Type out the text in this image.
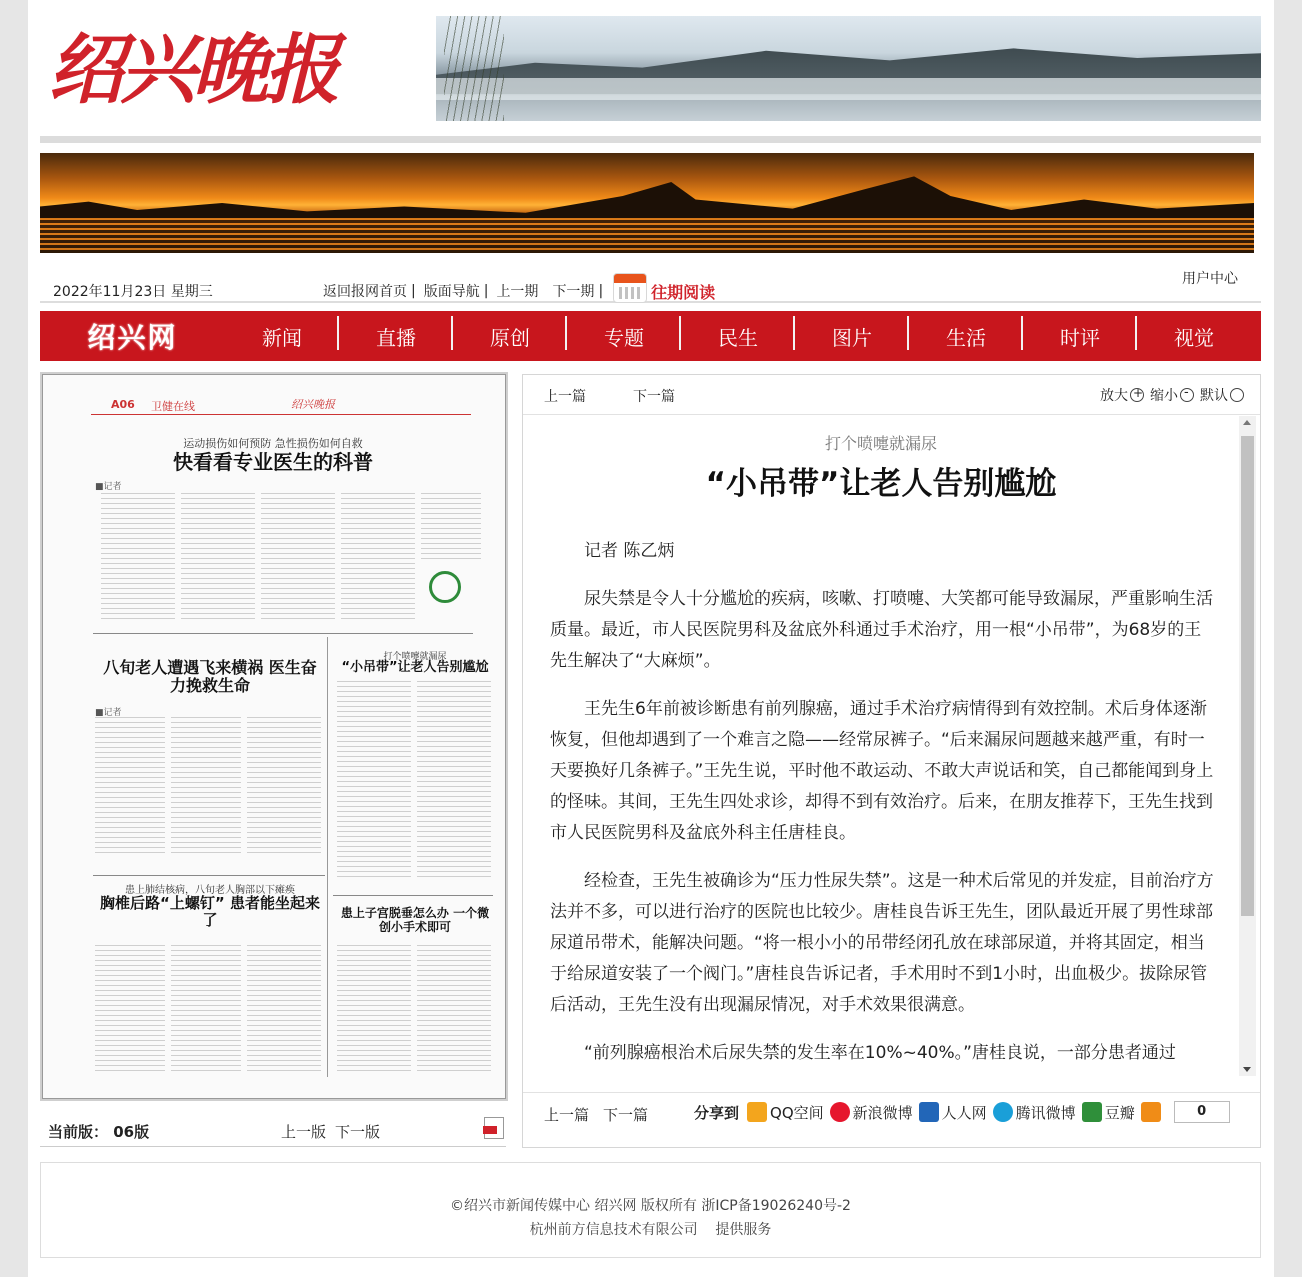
绍兴晚报
2022年11月23日 星期三	返回报网首页 | 版面导航 | 上一期 下一期 |	往期阅读
用户中心
绍兴网	新闻	直播	原创	专题	民生	图片	生活	时评	视觉
A06 卫健在线	绍兴晚报
运动损伤如何预防 急性损伤如何自救
快看看专业医生的科普
■记者
八旬老人遭遇飞来横祸 医生奋力挽救生命
■记者
打个喷嚏就漏尿
“小吊带”让老人告别尴尬
患上肺结核病，八旬老人胸部以下瘫痪
胸椎后路“上螺钉” 患者能坐起来了	患上子宫脱垂怎么办 一个微创小手术即可
当前版： 06版	上一版 下一版
上一篇	下一篇	放大 + 缩小 - 默认
打个喷嚏就漏尿
“小吊带”让老人告别尴尬

记者 陈乙炳

尿失禁是令人十分尴尬的疾病，咳嗽、打喷嚏、大笑都可能导致漏尿，严重影响生活质量。最近，市人民医院男科及盆底外科通过手术治疗，用一根“小吊带”，为68岁的王先生解决了“大麻烦”。

王先生6年前被诊断患有前列腺癌，通过手术治疗病情得到有效控制。术后身体逐渐恢复，但他却遇到了一个难言之隐——经常尿裤子。“后来漏尿问题越来越严重，有时一天要换好几条裤子。”王先生说，平时他不敢运动、不敢大声说话和笑，自己都能闻到身上的怪味。其间，王先生四处求诊，却得不到有效治疗。后来，在朋友推荐下，王先生找到市人民医院男科及盆底外科主任唐桂良。

经检查，王先生被确诊为“压力性尿失禁”。这是一种术后常见的并发症，目前治疗方法并不多，可以进行治疗的医院也比较少。唐桂良告诉王先生，团队最近开展了男性球部尿道吊带术，能解决问题。“将一根小小的吊带经闭孔放在球部尿道，并将其固定，相当于给尿道安装了一个阀门。”唐桂良告诉记者，手术用时不到1小时，出血极少。拔除尿管后活动，王先生没有出现漏尿情况，对手术效果很满意。

“前列腺癌根治术后尿失禁的发生率在10%~40%。”唐桂良说，一部分患者通过

上一篇 下一篇	分享到 QQ空间 新浪微博 人人网 腾讯微博 豆瓣	0
©绍兴市新闻传媒中心 绍兴网 版权所有 浙ICP备19026240号-2
杭州前方信息技术有限公司    提供服务
